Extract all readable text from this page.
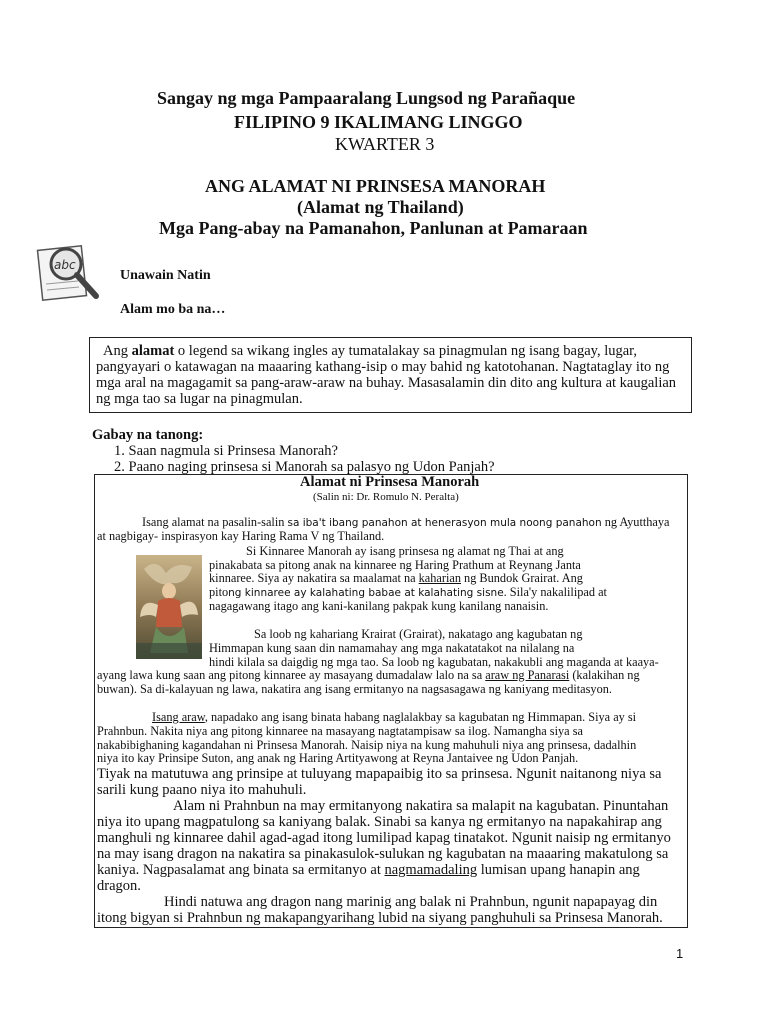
Sangay ng mga Pampaaralang Lungsod ng Parañaque
FILIPINO 9 IKALIMANG LINGGO
KWARTER 3
ANG ALAMAT NI PRINSESA MANORAH
(Alamat ng Thailand)
Mga Pang-abay na Pamanahon, Panlunan at Pamaraan
abc
Unawain Natin
Alam mo ba na…
Ang alamat o legend sa wikang ingles ay tumatalakay sa pinagmulan ng isang bagay, lugar,
pangyayari o katawagan na maaaring kathang-isip o may bahid ng katotohanan. Nagtataglay ito ng
mga aral na magagamit sa pang-araw-araw na buhay. Masasalamin din dito ang kultura at kaugalian
ng mga tao sa lugar na pinagmulan.
Gabay na tanong:
1. Saan nagmula si Prinsesa Manorah?
2. Paano naging prinsesa si Manorah sa palasyo ng Udon Panjah?
Alamat ni Prinsesa Manorah
(Salin ni: Dr. Romulo N. Peralta)
Isang alamat na pasalin-salin sa iba't ibang panahon at henerasyon mula noong panahon ng Ayutthaya
at nagbigay- inspirasyon kay Haring Rama V ng Thailand.
Si Kinnaree Manorah ay isang prinsesa ng alamat ng Thai at ang
pinakabata sa pitong anak na kinnaree ng Haring Prathum at Reynang Janta
kinnaree. Siya ay nakatira sa maalamat na kaharian ng Bundok Grairat. Ang
pitong kinnaree ay kalahating babae at kalahating sisne. Sila'y nakalilipad at
nagagawang itago ang kani-kanilang pakpak kung kanilang nanaisin.
Sa loob ng kahariang Krairat (Grairat), nakatago ang kagubatan ng
Himmapan kung saan din namamahay ang mga nakatatakot na nilalang na
hindi kilala sa daigdig ng mga tao. Sa loob ng kagubatan, nakakubli ang maganda at kaaya-
ayang lawa kung saan ang pitong kinnaree ay masayang dumadalaw lalo na sa araw ng Panarasi (kalakihan ng
buwan). Sa di-kalayuan ng lawa, nakatira ang isang ermitanyo na nagsasagawa ng kaniyang meditasyon.
Isang araw, napadako ang isang binata habang naglalakbay sa kagubatan ng Himmapan. Siya ay si
Prahnbun. Nakita niya ang pitong kinnaree na masayang nagtatampisaw sa ilog. Namangha siya sa
nakabibighaning kagandahan ni Prinsesa Manorah. Naisip niya na kung mahuhuli niya ang prinsesa, dadalhin
niya ito kay Prinsipe Suton, ang anak ng Haring Artityawong at Reyna Jantaivee ng Udon Panjah.
Tiyak na matutuwa ang prinsipe at tuluyang mapapaibig ito sa prinsesa. Ngunit naitanong niya sa
sarili kung paano niya ito mahuhuli.
Alam ni Prahnbun na may ermitanyong nakatira sa malapit na kagubatan. Pinuntahan
niya ito upang magpatulong sa kaniyang balak. Sinabi sa kanya ng ermitanyo na napakahirap ang
manghuli ng kinnaree dahil agad-agad itong lumilipad kapag tinatakot. Ngunit naisip ng ermitanyo
na may isang dragon na nakatira sa pinakasulok-sulukan ng kagubatan na maaaring makatulong sa
kaniya. Nagpasalamat ang binata sa ermitanyo at nagmamadaling lumisan upang hanapin ang
dragon.
Hindi natuwa ang dragon nang marinig ang balak ni Prahnbun, ngunit napapayag din
itong bigyan si Prahnbun ng makapangyarihang lubid na siyang panghuhuli sa Prinsesa Manorah.
1
